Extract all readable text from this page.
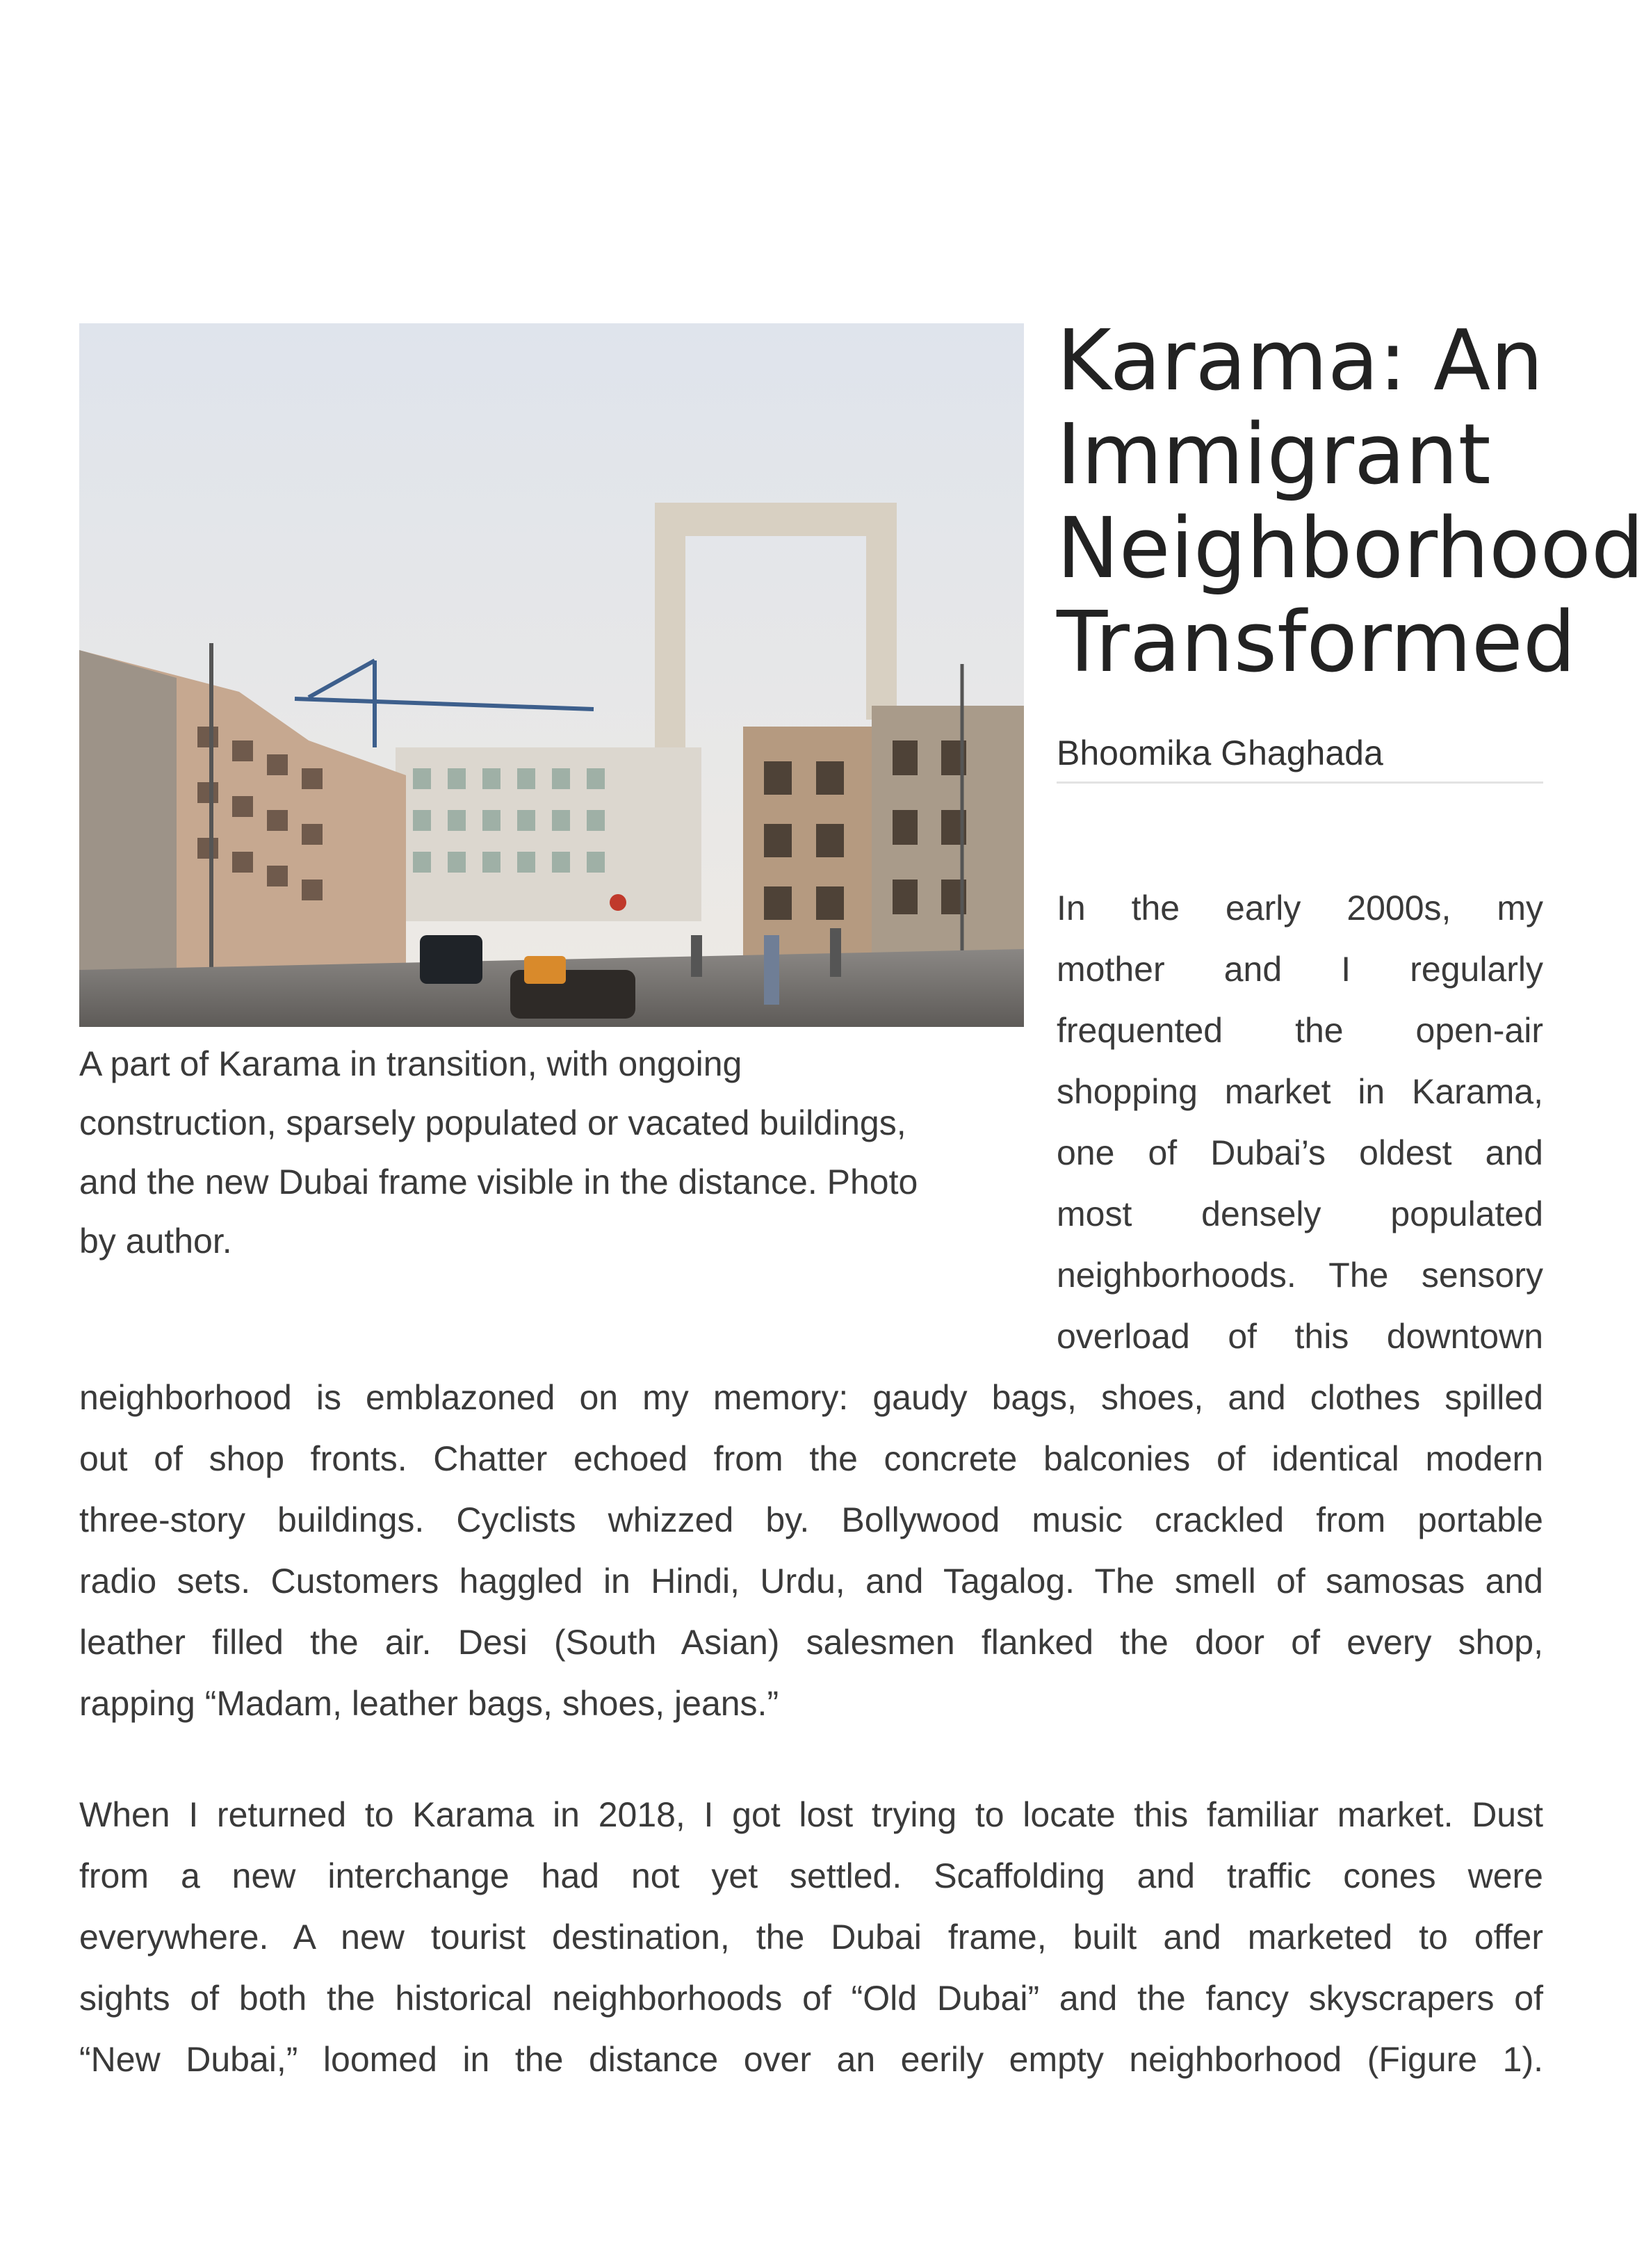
A part of Karama in transition, with ongoing
construction, sparsely populated or vacated buildings,
and the new Dubai frame visible in the distance. Photo
by author.
Karama: An
Immigrant
Neighborhood
Transformed
Bhoomika Ghaghada
In the early 2000s, my
mother and I regularly
frequented the open-air
shopping market in Karama,
one of Dubai’s oldest and
most densely populated
neighborhoods. The sensory
overload of this downtown
neighborhood is emblazoned on my memory: gaudy bags, shoes, and clothes spilled
out of shop fronts. Chatter echoed from the concrete balconies of identical modern
three-story buildings. Cyclists whizzed by. Bollywood music crackled from portable
radio sets. Customers haggled in Hindi, Urdu, and Tagalog. The smell of samosas and
leather filled the air. Desi (South Asian) salesmen flanked the door of every shop,
rapping “Madam, leather bags, shoes, jeans.”
When I returned to Karama in 2018, I got lost trying to locate this familiar market. Dust
from a new interchange had not yet settled. Scaffolding and traffic cones were
everywhere. A new tourist destination, the Dubai frame, built and marketed to offer
sights of both the historical neighborhoods of “Old Dubai” and the fancy skyscrapers of
“New Dubai,” loomed in the distance over an eerily empty neighborhood (Figure 1).
